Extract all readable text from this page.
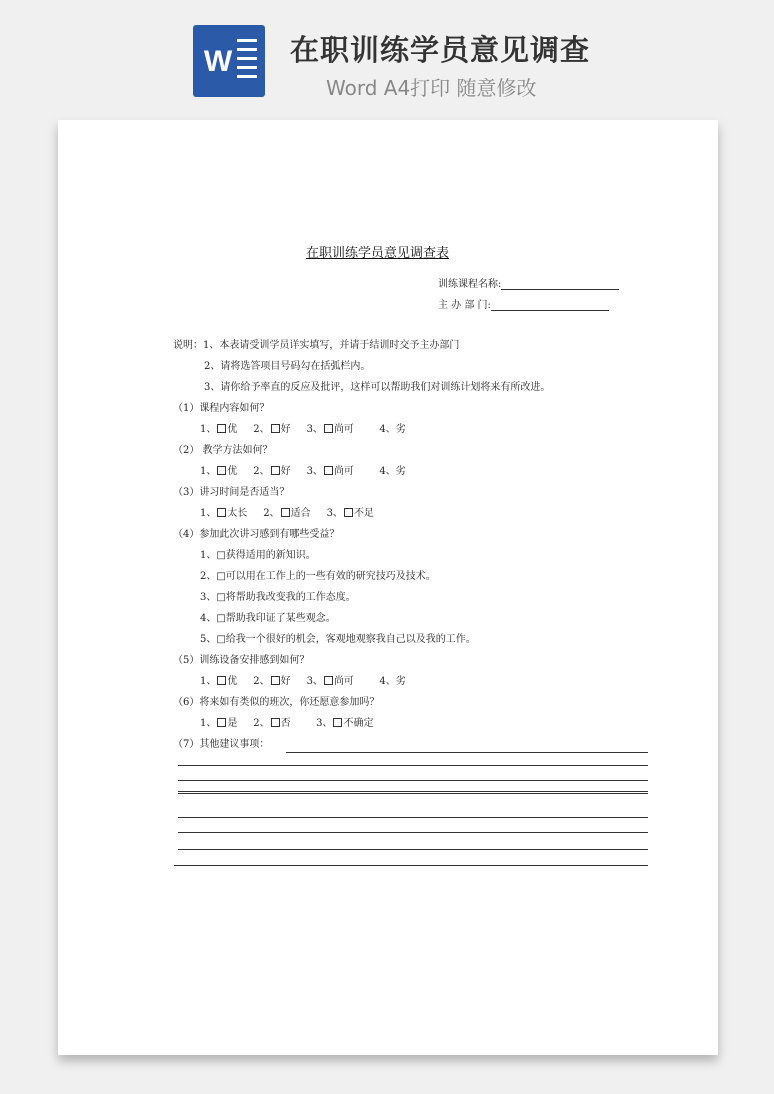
W 在职训练学员意见调查
Word A4打印 随意修改

在职训练学员意见调查表
训练课程名称:
主 办 部 门:
说明：1、本表请受训学员详实填写，并请于结训时交予主办部门
2、请将选答项目号码勾在括弧栏内。
3、请你给予率直的反应及批评，这样可以帮助我们对训练计划将来有所改进。
（1）课程内容如何？
1、 优 2、 好 3、 尚可	4、劣
（2） 教学方法如何？
1、 优 2、 好 3、 尚可	4、劣
（3）讲习时间是否适当？
1、 太长 2、 适合 3、 不足
（4）参加此次讲习感到有哪些受益？
1、□获得适用的新知识。
2、□可以用在工作上的一些有效的研究技巧及技术。
3、□将帮助我改变我的工作态度。
4、□帮助我印证了某些观念。
5、□给我一个很好的机会，客观地观察我自己以及我的工作。
（5）训练设备安排感到如何？
1、 优 2、 好 3、 尚可	4、劣
（6）将来如有类似的班次，你还愿意参加吗？
1、 是 2、 否	3、 不确定
（7）其他建议事项：
